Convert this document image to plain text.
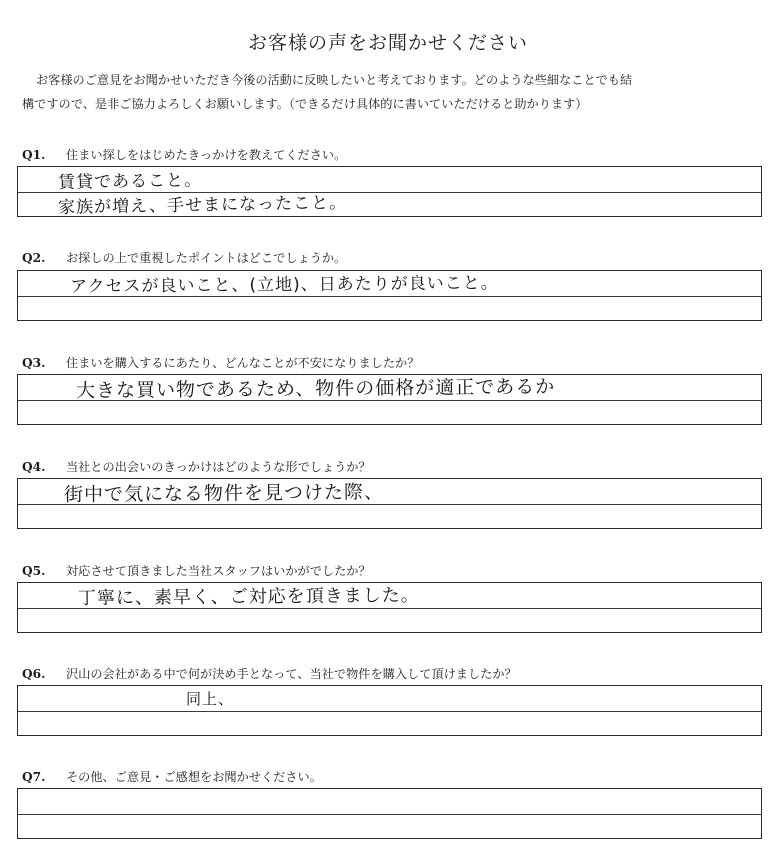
お客様の声をお聞かせください
お客様のご意見をお聞かせいただき今後の活動に反映したいと考えております。どのような些細なことでも結
構ですので、是非ご協力よろしくお願いします。（できるだけ具体的に書いていただけると助かります）
Q1. 住まい探しをはじめたきっかけを教えてください。
賃貸であること。
家族が増え、手せまになったこと。
Q2. お探しの上で重視したポイントはどこでしょうか。
アクセスが良いこと、(立地)、日あたりが良いこと。
Q3. 住まいを購入するにあたり、どんなことが不安になりましたか？
大きな買い物であるため、物件の価格が適正であるか
Q4. 当社との出会いのきっかけはどのような形でしょうか？
街中で気になる物件を見つけた際、
Q5. 対応させて頂きました当社スタッフはいかがでしたか？
丁寧に、素早く、ご対応を頂きました。
Q6. 沢山の会社がある中で何が決め手となって、当社で物件を購入して頂けましたか？
同上、
Q7. その他、ご意見・ご感想をお聞かせください。
